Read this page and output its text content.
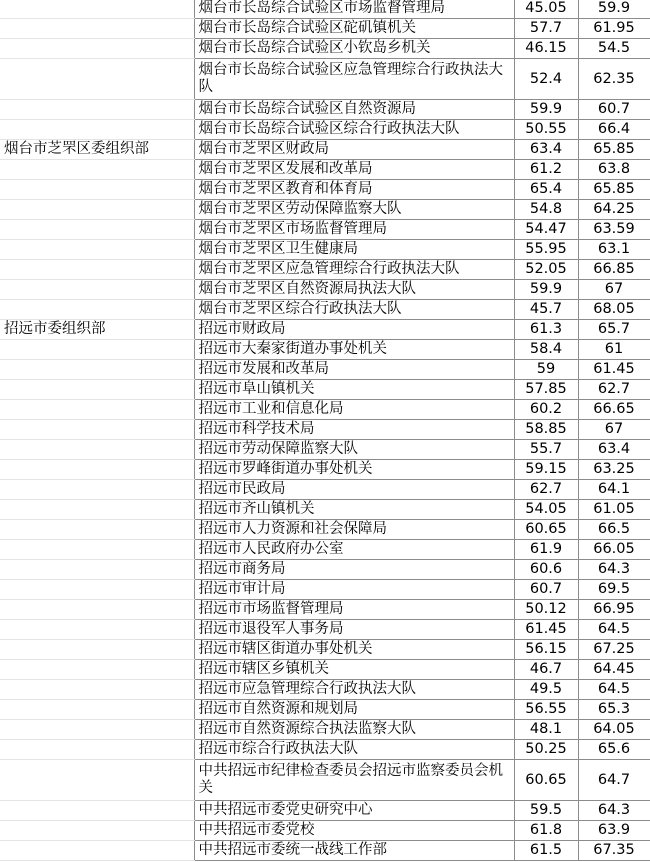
	烟台市长岛综合试验区市场监督管理局	45.05	59.9
	烟台市长岛综合试验区砣矶镇机关	57.7	61.95
	烟台市长岛综合试验区小钦岛乡机关	46.15	54.5
	烟台市长岛综合试验区应急管理综合行政执法大队	52.4	62.35
	烟台市长岛综合试验区自然资源局	59.9	60.7
	烟台市长岛综合试验区综合行政执法大队	50.55	66.4
烟台市芝罘区委组织部	烟台市芝罘区财政局	63.4	65.85
	烟台市芝罘区发展和改革局	61.2	63.8
	烟台市芝罘区教育和体育局	65.4	65.85
	烟台市芝罘区劳动保障监察大队	54.8	64.25
	烟台市芝罘区市场监督管理局	54.47	63.59
	烟台市芝罘区卫生健康局	55.95	63.1
	烟台市芝罘区应急管理综合行政执法大队	52.05	66.85
	烟台市芝罘区自然资源局执法大队	59.9	67
	烟台市芝罘区综合行政执法大队	45.7	68.05
招远市委组织部	招远市财政局	61.3	65.7
	招远市大秦家街道办事处机关	58.4	61
	招远市发展和改革局	59	61.45
	招远市阜山镇机关	57.85	62.7
	招远市工业和信息化局	60.2	66.65
	招远市科学技术局	58.85	67
	招远市劳动保障监察大队	55.7	63.4
	招远市罗峰街道办事处机关	59.15	63.25
	招远市民政局	62.7	64.1
	招远市齐山镇机关	54.05	61.05
	招远市人力资源和社会保障局	60.65	66.5
	招远市人民政府办公室	61.9	66.05
	招远市商务局	60.6	64.3
	招远市审计局	60.7	69.5
	招远市市场监督管理局	50.12	66.95
	招远市退役军人事务局	61.45	64.5
	招远市辖区街道办事处机关	56.15	67.25
	招远市辖区乡镇机关	46.7	64.45
	招远市应急管理综合行政执法大队	49.5	64.5
	招远市自然资源和规划局	56.55	65.3
	招远市自然资源综合执法监察大队	48.1	64.05
	招远市综合行政执法大队	50.25	65.6
	中共招远市纪律检查委员会招远市监察委员会机关	60.65	64.7
	中共招远市委党史研究中心	59.5	64.3
	中共招远市委党校	61.8	63.9
	中共招远市委统一战线工作部	61.5	67.35
